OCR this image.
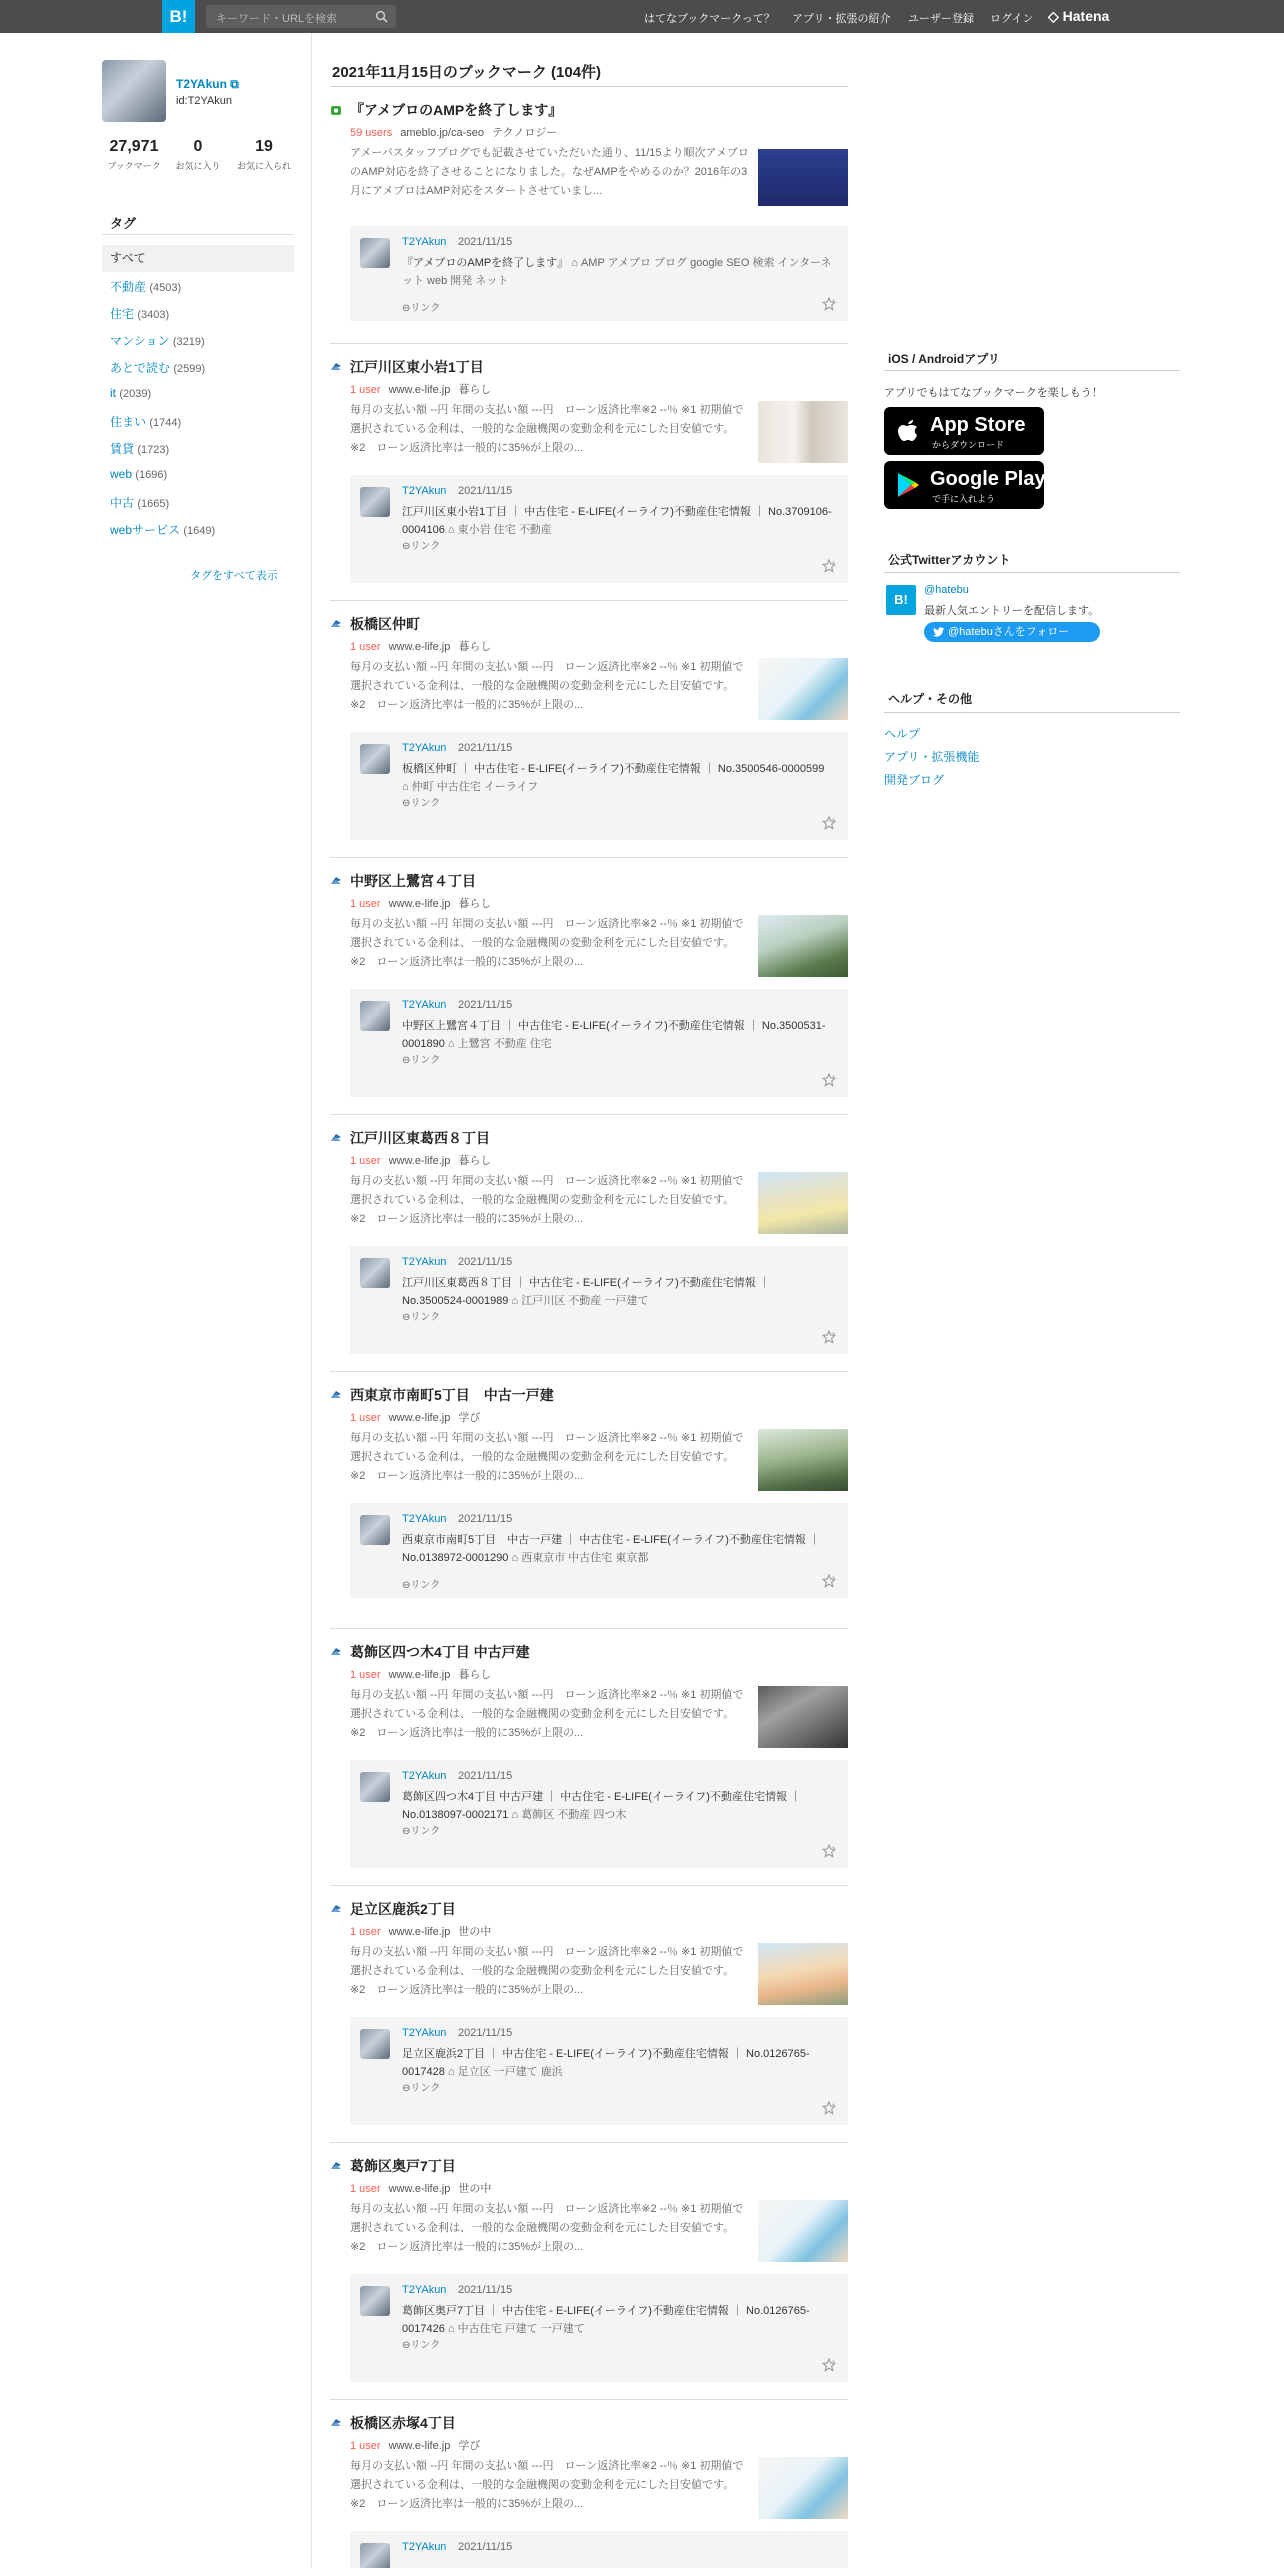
B!	キーワード・URLを検索	はてなブックマークって？ アプリ・拡張の紹介 ユーザー登録 ログイン ◇ Hatena
T2YAkun ⧉
id:T2YAkun
27,971
ブックマーク
0
お気に入り
19
お気に入られ
タグ
すべて
不動産 (4503)
住宅 (3403)
マンション (3219)
あとで読む (2599)
it (2039)
住まい (1744)
賃貸 (1723)
web (1696)
中古 (1665)
webサービス (1649)
タグをすべて表示
2021年11月15日のブックマーク (104件)
『アメブロのAMPを終了します』
59 users ameblo.jp/ca-seo テクノロジー
アメーバスタッフブログでも記載させていただいた通り、11/15より順次アメブロのAMP対応を終了させることになりました。なぜAMPをやめるのか？2016年の3月にアメブロはAMP対応をスタートさせていまし...
T2YAkun 2021/11/15
『アメブロのAMPを終了します』 ⌂ AMP アメブロ ブログ google SEO 検索 インターネット web 開発 ネット
⊖リンク
+
江戸川区東小岩1丁目
1 user www.e-life.jp 暮らし
毎月の支払い額 --円 年間の支払い額 ---円　ローン返済比率※2 --％ ※1 初期値で選択されている金利は、一般的な金融機関の変動金利を元にした目安値です。 ※2　ローン返済比率は一般的に35%が上限の...
T2YAkun 2021/11/15
江戸川区東小岩1丁目 ｜ 中古住宅 - E-LIFE(イーライフ)不動産住宅情報 ｜ No.3709106-0004106 ⌂ 東小岩 住宅 不動産
⊖リンク
+
板橋区仲町
1 user www.e-life.jp 暮らし
毎月の支払い額 --円 年間の支払い額 ---円　ローン返済比率※2 --％ ※1 初期値で選択されている金利は、一般的な金融機関の変動金利を元にした目安値です。 ※2　ローン返済比率は一般的に35%が上限の...
T2YAkun 2021/11/15
板橋区仲町 ｜ 中古住宅 - E-LIFE(イーライフ)不動産住宅情報 ｜ No.3500546-0000599 ⌂ 仲町 中古住宅 イーライフ
⊖リンク
+
中野区上鷺宮４丁目
1 user www.e-life.jp 暮らし
毎月の支払い額 --円 年間の支払い額 ---円　ローン返済比率※2 --％ ※1 初期値で選択されている金利は、一般的な金融機関の変動金利を元にした目安値です。 ※2　ローン返済比率は一般的に35%が上限の...
T2YAkun 2021/11/15
中野区上鷺宮４丁目 ｜ 中古住宅 - E-LIFE(イーライフ)不動産住宅情報 ｜ No.3500531-0001890 ⌂ 上鷺宮 不動産 住宅
⊖リンク
+
江戸川区東葛西８丁目
1 user www.e-life.jp 暮らし
毎月の支払い額 --円 年間の支払い額 ---円　ローン返済比率※2 --％ ※1 初期値で選択されている金利は、一般的な金融機関の変動金利を元にした目安値です。 ※2　ローン返済比率は一般的に35%が上限の...
T2YAkun 2021/11/15
江戸川区東葛西８丁目 ｜ 中古住宅 - E-LIFE(イーライフ)不動産住宅情報 ｜ No.3500524-0001989 ⌂ 江戸川区 不動産 一戸建て
⊖リンク
+
西東京市南町5丁目　中古一戸建
1 user www.e-life.jp 学び
毎月の支払い額 --円 年間の支払い額 ---円　ローン返済比率※2 --％ ※1 初期値で選択されている金利は、一般的な金融機関の変動金利を元にした目安値です。 ※2　ローン返済比率は一般的に35%が上限の...
T2YAkun 2021/11/15
西東京市南町5丁目　中古一戸建 ｜ 中古住宅 - E-LIFE(イーライフ)不動産住宅情報 ｜ No.0138972-0001290 ⌂ 西東京市 中古住宅 東京都
⊖リンク
+
葛飾区四つ木4丁目 中古戸建
1 user www.e-life.jp 暮らし
毎月の支払い額 --円 年間の支払い額 ---円　ローン返済比率※2 --％ ※1 初期値で選択されている金利は、一般的な金融機関の変動金利を元にした目安値です。 ※2　ローン返済比率は一般的に35%が上限の...
T2YAkun 2021/11/15
葛飾区四つ木4丁目 中古戸建 ｜ 中古住宅 - E-LIFE(イーライフ)不動産住宅情報 ｜ No.0138097-0002171 ⌂ 葛飾区 不動産 四つ木
⊖リンク
+
足立区鹿浜2丁目
1 user www.e-life.jp 世の中
毎月の支払い額 --円 年間の支払い額 ---円　ローン返済比率※2 --％ ※1 初期値で選択されている金利は、一般的な金融機関の変動金利を元にした目安値です。 ※2　ローン返済比率は一般的に35%が上限の...
T2YAkun 2021/11/15
足立区鹿浜2丁目 ｜ 中古住宅 - E-LIFE(イーライフ)不動産住宅情報 ｜ No.0126765-0017428 ⌂ 足立区 一戸建て 鹿浜
⊖リンク
+
葛飾区奥戸7丁目
1 user www.e-life.jp 世の中
毎月の支払い額 --円 年間の支払い額 ---円　ローン返済比率※2 --％ ※1 初期値で選択されている金利は、一般的な金融機関の変動金利を元にした目安値です。 ※2　ローン返済比率は一般的に35%が上限の...
T2YAkun 2021/11/15
葛飾区奥戸7丁目 ｜ 中古住宅 - E-LIFE(イーライフ)不動産住宅情報 ｜ No.0126765-0017426 ⌂ 中古住宅 戸建て 一戸建て
⊖リンク
+
板橋区赤塚4丁目
1 user www.e-life.jp 学び
毎月の支払い額 --円 年間の支払い額 ---円　ローン返済比率※2 --％ ※1 初期値で選択されている金利は、一般的な金融機関の変動金利を元にした目安値です。 ※2　ローン返済比率は一般的に35%が上限の...
T2YAkun 2021/11/15
iOS / Androidアプリ
アプリでもはてなブックマークを楽しもう！
App Store
からダウンロード
Google Play
で手に入れよう
公式Twitterアカウント
B!
@hatebu
最新人気エントリーを配信します。
@hatebuさんをフォロー
ヘルプ・その他
ヘルプ
アプリ・拡張機能
開発ブログ
